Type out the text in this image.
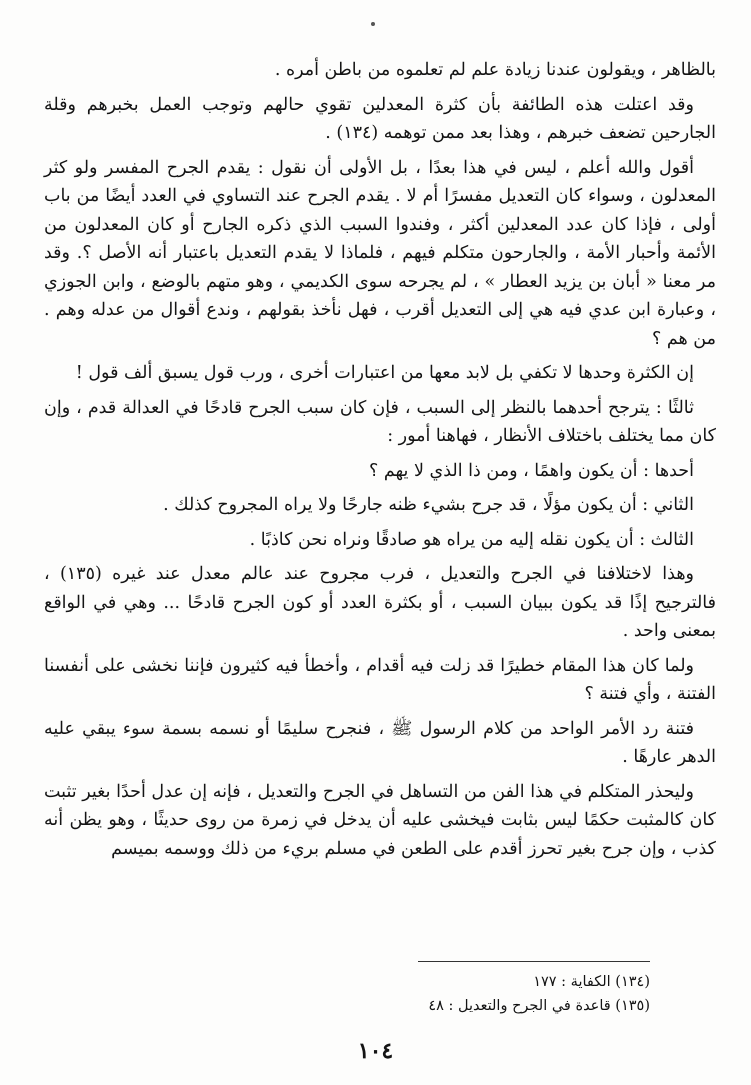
بالظاهر ، ويقولون عندنا زيادة علم لم تعلموه من باطن أمره .

وقد اعتلت هذه الطائفة بأن كثرة المعدلين تقوي حالهم وتوجب العمل بخبرهم وقلة الجارحين تضعف خبرهم ، وهذا بعد ممن توهمه (١٣٤) .

أقول والله أعلم ، ليس في هذا بعدًا ، بل الأولى أن نقول : يقدم الجرح المفسر ولو كثر المعدلون ، وسواء كان التعديل مفسرًا أم لا . يقدم الجرح عند التساوي في العدد أيضًا من باب أولى ، فإذا كان عدد المعدلين أكثر ، وفندوا السبب الذي ذكره الجارح أو كان المعدلون من الأئمة وأحبار الأمة ، والجارحون متكلم فيهم ، فلماذا لا يقدم التعديل باعتبار أنه الأصل ؟. وقد مر معنا « أبان بن يزيد العطار » ، لم يجرحه سوى الكديمي ، وهو متهم بالوضع ، وابن الجوزي ، وعبارة ابن عدي فيه هي إلى التعديل أقرب ، فهل نأخذ بقولهم ، وندع أقوال من عدله وهم . من هم ؟

إن الكثرة وحدها لا تكفي بل لابد معها من اعتبارات أخرى ، ورب قول يسبق ألف قول !

ثالثًا : يترجح أحدهما بالنظر إلى السبب ، فإن كان سبب الجرح قادحًا في العدالة قدم ، وإن كان مما يختلف باختلاف الأنظار ، فهاهنا أمور :

أحدها : أن يكون واهمًا ، ومن ذا الذي لا يهم ؟

الثاني : أن يكون مؤلًا ، قد جرح بشيء ظنه جارحًا ولا يراه المجروح كذلك .

الثالث : أن يكون نقله إليه من يراه هو صادقًا ونراه نحن كاذبًا .

وهذا لاختلافنا في الجرح والتعديل ، فرب مجروح عند عالم معدل عند غيره (١٣٥) ، فالترجيح إذًا قد يكون ببيان السبب ، أو بكثرة العدد أو كون الجرح قادحًا ... وهي في الواقع بمعنى واحد .

ولما كان هذا المقام خطيرًا قد زلت فيه أقدام ، وأخطأ فيه كثيرون فإننا نخشى على أنفسنا الفتنة ، وأي فتنة ؟

فتنة رد الأمر الواحد من كلام الرسول ﷺ ، فنجرح سليمًا أو نسمه بسمة سوء يبقي عليه الدهر عارهًا .

وليحذر المتكلم في هذا الفن من التساهل في الجرح والتعديل ، فإنه إن عدل أحدًا بغير تثبت كان كالمثبت حكمًا ليس بثابت فيخشى عليه أن يدخل في زمرة من روى حديثًا ، وهو يظن أنه كذب ، وإن جرح بغير تحرز أقدم على الطعن في مسلم بريء من ذلك ووسمه بميسم

(١٣٤) الكفاية : ١٧٧
(١٣٥) قاعدة في الجرح والتعديل : ٤٨
١٠٤
